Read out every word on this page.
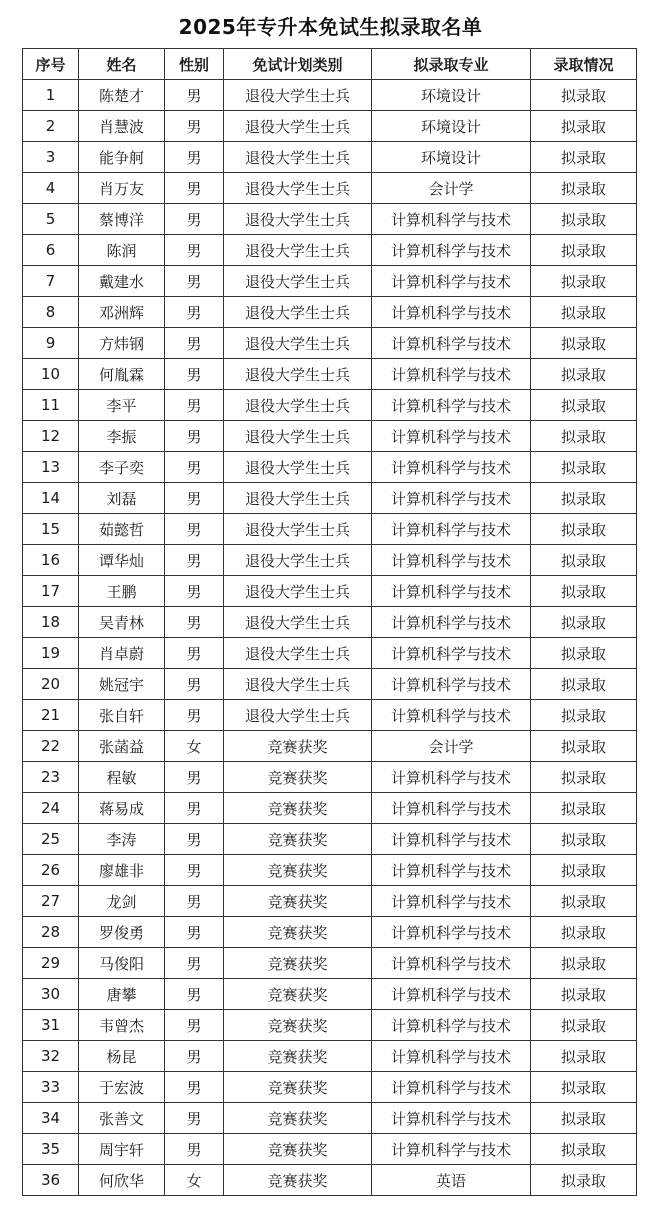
2025年专升本免试生拟录取名单
序号	姓名	性别	免试计划类别	拟录取专业	录取情况
1	陈楚才	男	退役大学生士兵	环境设计	拟录取
2	肖慧波	男	退役大学生士兵	环境设计	拟录取
3	能争舸	男	退役大学生士兵	环境设计	拟录取
4	肖万友	男	退役大学生士兵	会计学	拟录取
5	蔡博洋	男	退役大学生士兵	计算机科学与技术	拟录取
6	陈润	男	退役大学生士兵	计算机科学与技术	拟录取
7	戴建水	男	退役大学生士兵	计算机科学与技术	拟录取
8	邓洲辉	男	退役大学生士兵	计算机科学与技术	拟录取
9	方炜钢	男	退役大学生士兵	计算机科学与技术	拟录取
10	何胤霖	男	退役大学生士兵	计算机科学与技术	拟录取
11	李平	男	退役大学生士兵	计算机科学与技术	拟录取
12	李振	男	退役大学生士兵	计算机科学与技术	拟录取
13	李子奕	男	退役大学生士兵	计算机科学与技术	拟录取
14	刘磊	男	退役大学生士兵	计算机科学与技术	拟录取
15	茹懿哲	男	退役大学生士兵	计算机科学与技术	拟录取
16	谭华灿	男	退役大学生士兵	计算机科学与技术	拟录取
17	王鹏	男	退役大学生士兵	计算机科学与技术	拟录取
18	吴青林	男	退役大学生士兵	计算机科学与技术	拟录取
19	肖卓蔚	男	退役大学生士兵	计算机科学与技术	拟录取
20	姚冠宇	男	退役大学生士兵	计算机科学与技术	拟录取
21	张自轩	男	退役大学生士兵	计算机科学与技术	拟录取
22	张菡益	女	竞赛获奖	会计学	拟录取
23	程敏	男	竞赛获奖	计算机科学与技术	拟录取
24	蒋易成	男	竞赛获奖	计算机科学与技术	拟录取
25	李涛	男	竞赛获奖	计算机科学与技术	拟录取
26	廖雄非	男	竞赛获奖	计算机科学与技术	拟录取
27	龙剑	男	竞赛获奖	计算机科学与技术	拟录取
28	罗俊勇	男	竞赛获奖	计算机科学与技术	拟录取
29	马俊阳	男	竞赛获奖	计算机科学与技术	拟录取
30	唐攀	男	竞赛获奖	计算机科学与技术	拟录取
31	韦曾杰	男	竞赛获奖	计算机科学与技术	拟录取
32	杨昆	男	竞赛获奖	计算机科学与技术	拟录取
33	于宏波	男	竞赛获奖	计算机科学与技术	拟录取
34	张善文	男	竞赛获奖	计算机科学与技术	拟录取
35	周宇轩	男	竞赛获奖	计算机科学与技术	拟录取
36	何欣华	女	竞赛获奖	英语	拟录取
